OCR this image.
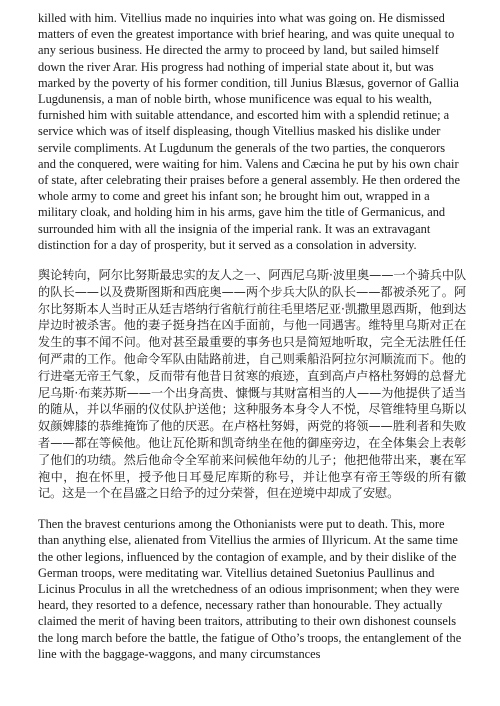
killed with him. Vitellius made no inquiries into what was going on. He dismissed matters of even the greatest importance with brief hearing, and was quite unequal to any serious business. He directed the army to proceed by land, but sailed himself down the river Arar. His progress had nothing of imperial state about it, but was marked by the poverty of his former condition, till Junius Blæsus, governor of Gallia Lugdunensis, a man of noble birth, whose munificence was equal to his wealth, furnished him with suitable attendance, and escorted him with a splendid retinue; a service which was of itself displeasing, though Vitellius masked his dislike under servile compliments. At Lugdunum the generals of the two parties, the conquerors and the conquered, were waiting for him. Valens and Cæcina he put by his own chair of state, after celebrating their praises before a general assembly. He then ordered the whole army to come and greet his infant son; he brought him out, wrapped in a military cloak, and holding him in his arms, gave him the title of Germanicus, and surrounded him with all the insignia of the imperial rank. It was an extravagant distinction for a day of prosperity, but it served as a consolation in adversity.

舆论转向，阿尔比努斯最忠实的友人之一、阿西尼乌斯·波里奥——一个骑兵中队的队长——以及费斯图斯和西庇奥——两个步兵大队的队长——都被杀死了。阿尔比努斯本人当时正从廷吉塔纳行省航行前往毛里塔尼亚·凯撒里恩西斯，他到达岸边时被杀害。他的妻子挺身挡在凶手面前，与他一同遇害。维特里乌斯对正在发生的事不闻不问。他对甚至最重要的事务也只是简短地听取，完全无法胜任任何严肃的工作。他命令军队由陆路前进，自己则乘船沿阿拉尔河顺流而下。他的行进毫无帝王气象，反而带有他昔日贫寒的痕迹，直到高卢卢格杜努姆的总督尤尼乌斯·布莱苏斯——一个出身高贵、慷慨与其财富相当的人——为他提供了适当的随从，并以华丽的仪仗队护送他；这种服务本身令人不悦，尽管维特里乌斯以奴颜婢膝的恭维掩饰了他的厌恶。在卢格杜努姆，两党的将领——胜利者和失败者——都在等候他。他让瓦伦斯和凯奇纳坐在他的御座旁边，在全体集会上表彰了他们的功绩。然后他命令全军前来问候他年幼的儿子；他把他带出来，裹在军袍中，抱在怀里，授予他日耳曼尼库斯的称号，并让他享有帝王等级的所有徽记。这是一个在昌盛之日给予的过分荣誉，但在逆境中却成了安慰。

Then the bravest centurions among the Othonianists were put to death. This, more than anything else, alienated from Vitellius the armies of Illyricum. At the same time the other legions, influenced by the contagion of example, and by their dislike of the German troops, were meditating war. Vitellius detained Suetonius Paullinus and Licinus Proculus in all the wretchedness of an odious imprisonment; when they were heard, they resorted to a defence, necessary rather than honourable. They actually claimed the merit of having been traitors, attributing to their own dishonest counsels the long march before the battle, the fatigue of Otho’s troops, the entanglement of the line with the baggage-waggons, and many circumstances
